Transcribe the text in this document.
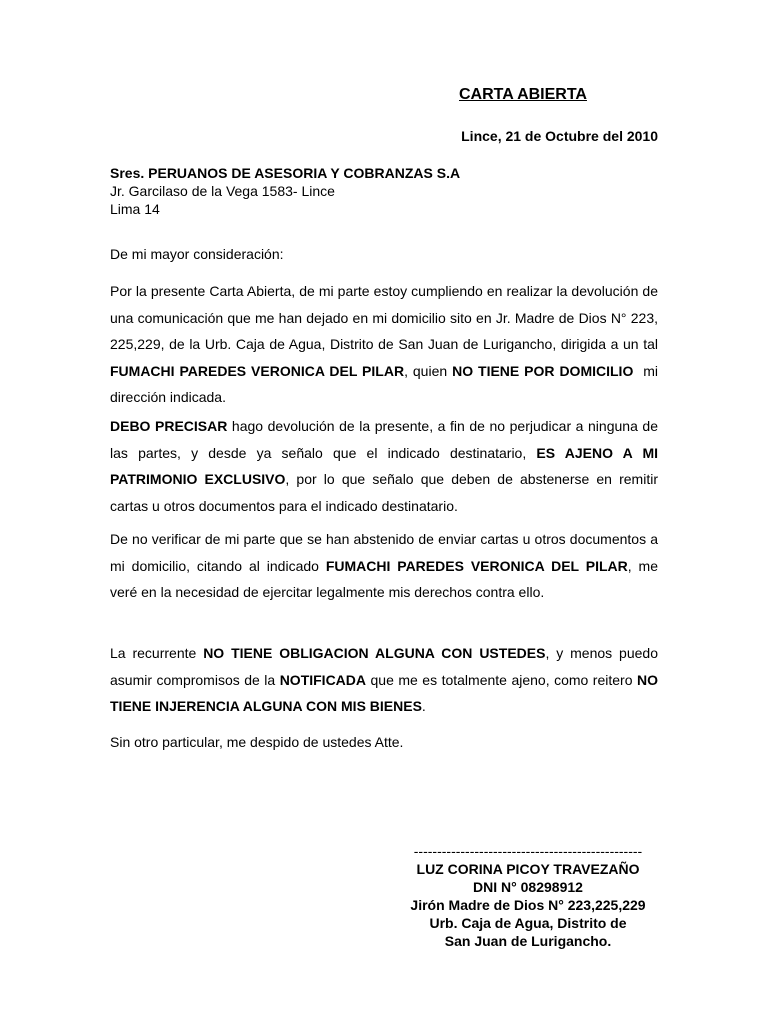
CARTA ABIERTA
Lince, 21 de Octubre del 2010
Sres. PERUANOS DE ASESORIA Y COBRANZAS S.A
Jr. Garcilaso de la Vega 1583- Lince
Lima 14
De mi mayor consideración:
Por la presente Carta Abierta, de mi parte estoy cumpliendo en realizar la devolución de una comunicación que me han dejado en mi domicilio sito en Jr. Madre de Dios N° 223, 225,229, de la Urb. Caja de Agua, Distrito de San Juan de Lurigancho, dirigida a un tal FUMACHI PAREDES VERONICA DEL PILAR, quien NO TIENE POR DOMICILIO  mi dirección indicada.
DEBO PRECISAR hago devolución de la presente, a fin de no perjudicar a ninguna de las partes, y desde ya señalo que el indicado destinatario, ES AJENO A MI PATRIMONIO EXCLUSIVO, por lo que señalo que deben de abstenerse en remitir cartas u otros documentos para el indicado destinatario.
De no verificar de mi parte que se han abstenido de enviar cartas u otros documentos a mi domicilio, citando al indicado FUMACHI PAREDES VERONICA DEL PILAR, me veré en la necesidad de ejercitar legalmente mis derechos contra ello.
La recurrente NO TIENE OBLIGACION ALGUNA CON USTEDES, y menos puedo asumir compromisos de la NOTIFICADA que me es totalmente ajeno, como reitero NO TIENE INJERENCIA ALGUNA CON MIS BIENES.
Sin otro particular, me despido de ustedes Atte.
-------------------------------------------------
LUZ CORINA PICOY TRAVEZAÑO
DNI N° 08298912
Jirón Madre de Dios N° 223,225,229
Urb. Caja de Agua, Distrito de
San Juan de Lurigancho.
